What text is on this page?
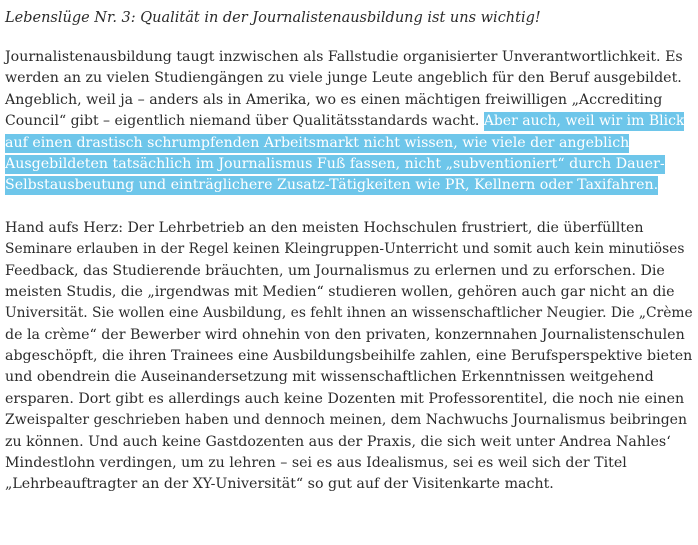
Lebenslüge Nr. 3: Qualität in der Journalistenausbildung ist uns wichtig!

Journalistenausbildung taugt inzwischen als Fallstudie organisierter Unverantwortlichkeit. Es
werden an zu vielen Studiengängen zu viele junge Leute angeblich für den Beruf ausgebildet.
Angeblich, weil ja – anders als in Amerika, wo es einen mächtigen freiwilligen „Accrediting
Council“ gibt – eigentlich niemand über Qualitätsstandards wacht. Aber auch, weil wir im Blick
auf einen drastisch schrumpfenden Arbeitsmarkt nicht wissen, wie viele der angeblich
Ausgebildeten tatsächlich im Journalismus Fuß fassen, nicht „subventioniert“ durch Dauer-
Selbstausbeutung und einträglichere Zusatz-Tätigkeiten wie PR, Kellnern oder Taxifahren.

Hand aufs Herz: Der Lehrbetrieb an den meisten Hochschulen frustriert, die überfüllten
Seminare erlauben in der Regel keinen Kleingruppen-Unterricht und somit auch kein minutiöses
Feedback, das Studierende bräuchten, um Journalismus zu erlernen und zu erforschen. Die
meisten Studis, die „irgendwas mit Medien“ studieren wollen, gehören auch gar nicht an die
Universität. Sie wollen eine Ausbildung, es fehlt ihnen an wissenschaftlicher Neugier. Die „Crème
de la crème“ der Bewerber wird ohnehin von den privaten, konzernnahen Journalistenschulen
abgeschöpft, die ihren Trainees eine Ausbildungsbeihilfe zahlen, eine Berufsperspektive bieten
und obendrein die Auseinandersetzung mit wissenschaftlichen Erkenntnissen weitgehend
ersparen. Dort gibt es allerdings auch keine Dozenten mit Professorentitel, die noch nie einen
Zweispalter geschrieben haben und dennoch meinen, dem Nachwuchs Journalismus beibringen
zu können. Und auch keine Gastdozenten aus der Praxis, die sich weit unter Andrea Nahles‘
Mindestlohn verdingen, um zu lehren – sei es aus Idealismus, sei es weil sich der Titel
„Lehrbeauftragter an der XY-Universität“ so gut auf der Visitenkarte macht.
